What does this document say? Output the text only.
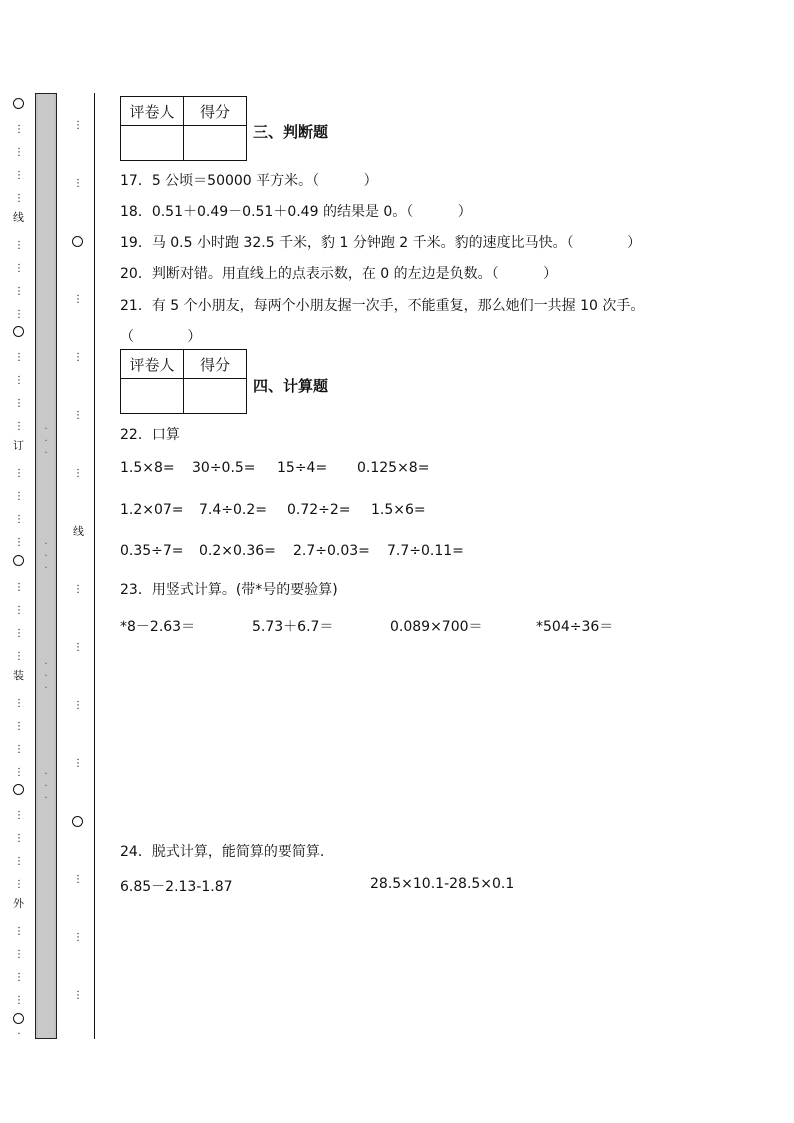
⋮
⋮
⋮
⋮
线
⋮
⋮
⋮
⋮
⋮
⋮
⋮
⋮
订
⋮
⋮
⋮
⋮
⋮
⋮
⋮
⋮
装
⋮
⋮
⋮
⋮
⋮
⋮
⋮
⋮
外
⋮
⋮
⋮
⋮
·
·
·
·
·
·
·
·
·
·
·
·
·
⋮
⋮
⋮
⋮
⋮
⋮
线
⋮
⋮
⋮
⋮
⋮
⋮
⋮
评卷人	得分

三、判断题
17．5 公顷＝50000 平方米。（          ）
18．0.51＋0.49－0.51＋0.49 的结果是 0。（          ）
19．马 0.5 小时跑 32.5 千米，豹 1 分钟跑 2 千米。豹的速度比马快。（            ）
20．判断对错。用直线上的点表示数，在 0 的左边是负数。（          ）
21．有 5 个小朋友，每两个小朋友握一次手，不能重复，那么她们一共握 10 次手。
（            ）
评卷人	得分

四、计算题
22．口算
1.5×8= 30÷0.5= 15÷4= 0.125×8=
1.2×07= 7.4÷0.2= 0.72÷2= 1.5×6=
0.35÷7= 0.2×0.36= 2.7÷0.03= 7.7÷0.11=
23．用竖式计算。(带*号的要验算)
*8－2.63＝	5.73＋6.7＝	0.089×700＝	*504÷36＝
24．脱式计算，能简算的要简算.
6.85－2.13-1.87	28.5×10.1-28.5×0.1
